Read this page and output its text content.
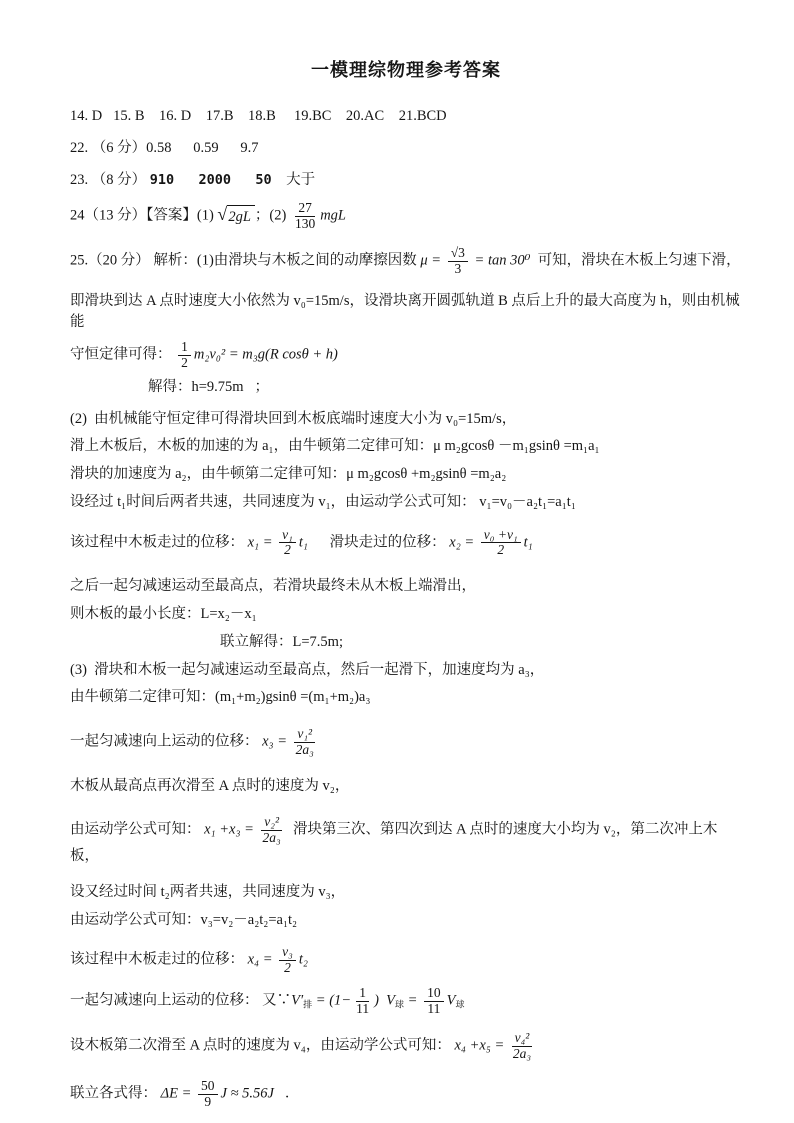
一模理综物理参考答案
14. D   15. B    16. D    17.B    18.B     19.BC    20.AC    21.BCD
22. （6 分）0.58      0.59      9.7
23. （8 分） 910   2000   50    大于
24（13 分）【答案】(1) √ 2gL ；$(2) \frac{27}{130}$ mgL
25.（20 分） 解析：(1)由滑块与木板之间的动摩擦因数 $\mu = \frac{√3}{3} = \tan 30^0$  可知，滑块在木板上匀速下滑，
即滑块到达 A 点时速度大小依然为 v₀=15m/s，设滑块离开圆弧轨道 B 点后上升的最大高度为 h，则由机械能
守恒定律可得： $\frac{1}{2} m_2v_0^2 = m_3g(R$ cosθ + h)
解得：h=9.75m   ；
(2)  由机械能守恒定律可得滑块回到木板底端时速度大小为 v₀=15m/s，
滑上木板后，木板的加速的为 a₁，由牛顿第二定律可知：μ m₂gcosθ －m₁gsinθ =m₁a₁
滑块的加速度为 a₂，由牛顿第二定律可知：μ m₂gcosθ +m₂gsinθ =m₂a₂
设经过 t₁时间后两者共速，共同速度为 v₁，由运动学公式可知： v₁=v₀－a₂t₁=a₁t₁
该过程中木板走过的位移： $x_1 = \frac{\text{v₁}}{2} t_1$      滑块走过的位移： $x_2 = \frac{\text{v₀ +v₁}}{2} t_1$
之后一起匀减速运动至最高点，若滑块最终未从木板上端滑出，
则木板的最小长度：L=x₂－x₁
联立解得：L=7.5m;
(3)  滑块和木板一起匀减速运动至最高点，然后一起滑下，加速度均为 a₃，
由牛顿第二定律可知：(m₁+m₂)gsinθ =(m₁+m₂)a₃
一起匀减速向上运动的位移： $x_3 = \frac{\text{v₁²}}{\text{2a₃}}$
木板从最高点再次滑至 A 点时的速度为 v₂，
由运动学公式可知： $x_1 +x_3 = \frac{\text{v₂²}}{\text{2a₃}}$ 滑块第三次、第四次到达 A 点时的速度大小均为 v₂，第二次冲上木板，
设又经过时间 t₂两者共速，共同速度为 v₃，
由运动学公式可知：v₃=v₂－a₂t₂=a₁t₂
该过程中木板走过的位移： $x_4 = \frac{\text{v₃}}{2} t_2$
一起匀减速向上运动的位移： 又$\because V'_排 = (1- \frac{1}{11}$ )  $V_球 = \frac{10}{11} V_球$
设木板第二次滑至 A 点时的速度为 v₄，由运动学公式可知： $x_4 +x_5 = \frac{\text{v₄²}}{\text{2a₃}}$
联立各式得： $\Delta E = \frac{50}{9}$ J ≈ 5.56J   ．
